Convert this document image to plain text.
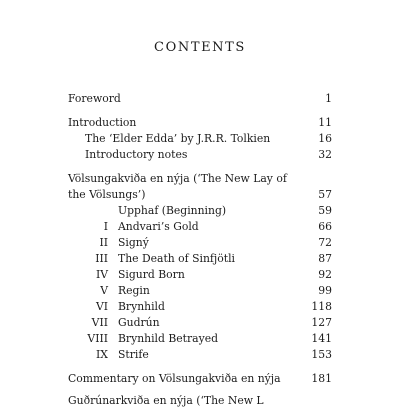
CONTENTS
Foreword	1
Introduction	11
The ‘Elder Edda’ by J.R.R. Tolkien	16
Introductory notes	32
Völsungakviða en nýja (‘The New Lay of
the Völsungs’)	57
Upphaf (Beginning)	59
I Andvari’s Gold	66
II Signý	72
III The Death of Sinfjötli	87
IV Sigurd Born	92
V Regin	99
VI Brynhild	118
VII Gudrún	127
VIII Brynhild Betrayed	141
IX Strife	153
Commentary on Völsungakviða en nýja	181
Guðrúnarkviða en nýja (‘The New L
